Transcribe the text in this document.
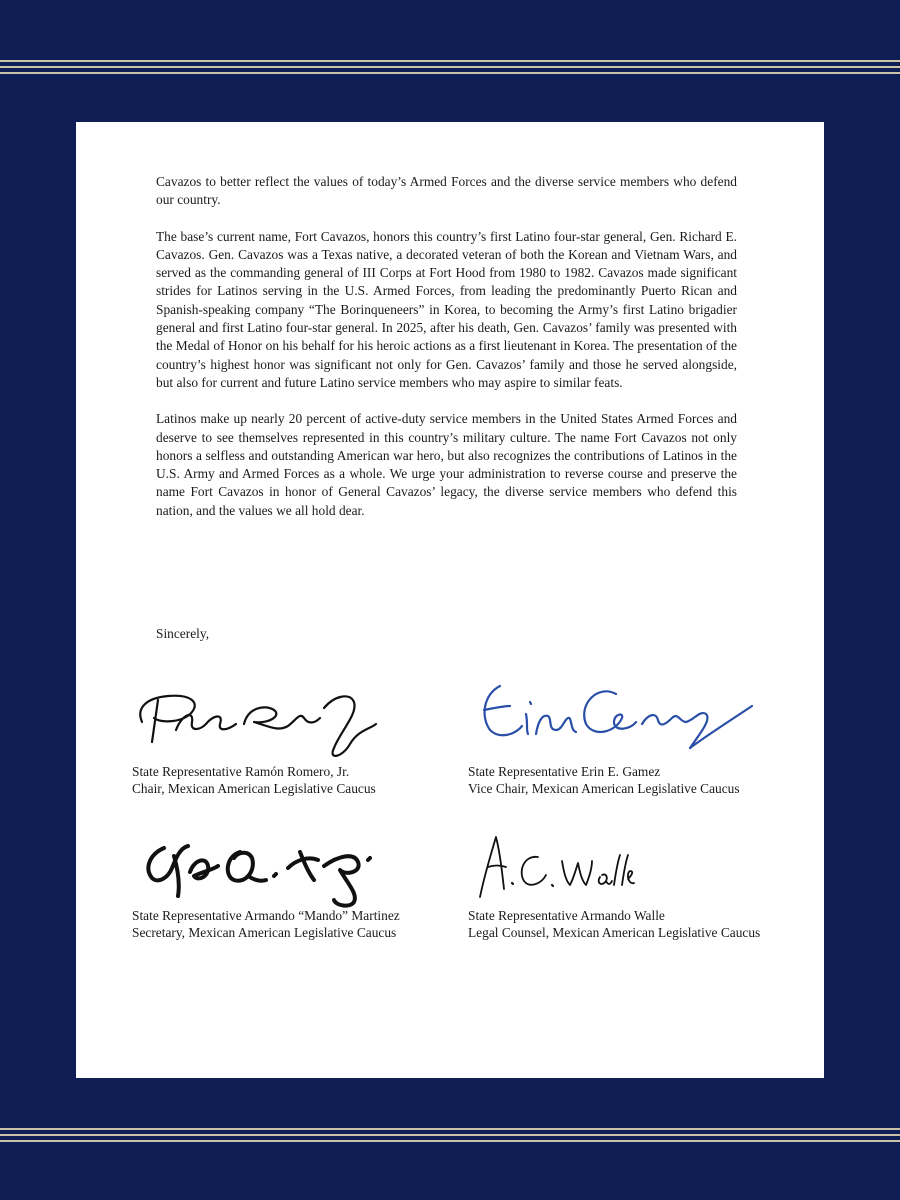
Cavazos to better reflect the values of today’s Armed Forces and the diverse service members who defend our country.

The base’s current name, Fort Cavazos, honors this country’s first Latino four-star general, Gen. Richard E. Cavazos. Gen. Cavazos was a Texas native, a decorated veteran of both the Korean and Vietnam Wars, and served as the commanding general of III Corps at Fort Hood from 1980 to 1982. Cavazos made significant strides for Latinos serving in the U.S. Armed Forces, from leading the predominantly Puerto Rican and Spanish-speaking company “The Borinqueneers” in Korea, to becoming the Army’s first Latino brigadier general and first Latino four-star general. In 2025, after his death, Gen. Cavazos’ family was presented with the Medal of Honor on his behalf for his heroic actions as a first lieutenant in Korea. The presentation of the country’s highest honor was significant not only for Gen. Cavazos’ family and those he served alongside, but also for current and future Latino service members who may aspire to similar feats.

Latinos make up nearly 20 percent of active-duty service members in the United States Armed Forces and deserve to see themselves represented in this country’s military culture. The name Fort Cavazos not only honors a selfless and outstanding American war hero, but also recognizes the contributions of Latinos in the U.S. Army and Armed Forces as a whole. We urge your administration to reverse course and preserve the name Fort Cavazos in honor of General Cavazos’ legacy, the diverse service members who defend this nation, and the values we all hold dear.

Sincerely,
State Representative Ramón Romero, Jr.
Chair, Mexican American Legislative Caucus
State Representative Erin E. Gamez
Vice Chair, Mexican American Legislative Caucus
State Representative Armando “Mando” Martinez
Secretary, Mexican American Legislative Caucus
State Representative Armando Walle
Legal Counsel, Mexican American Legislative Caucus
